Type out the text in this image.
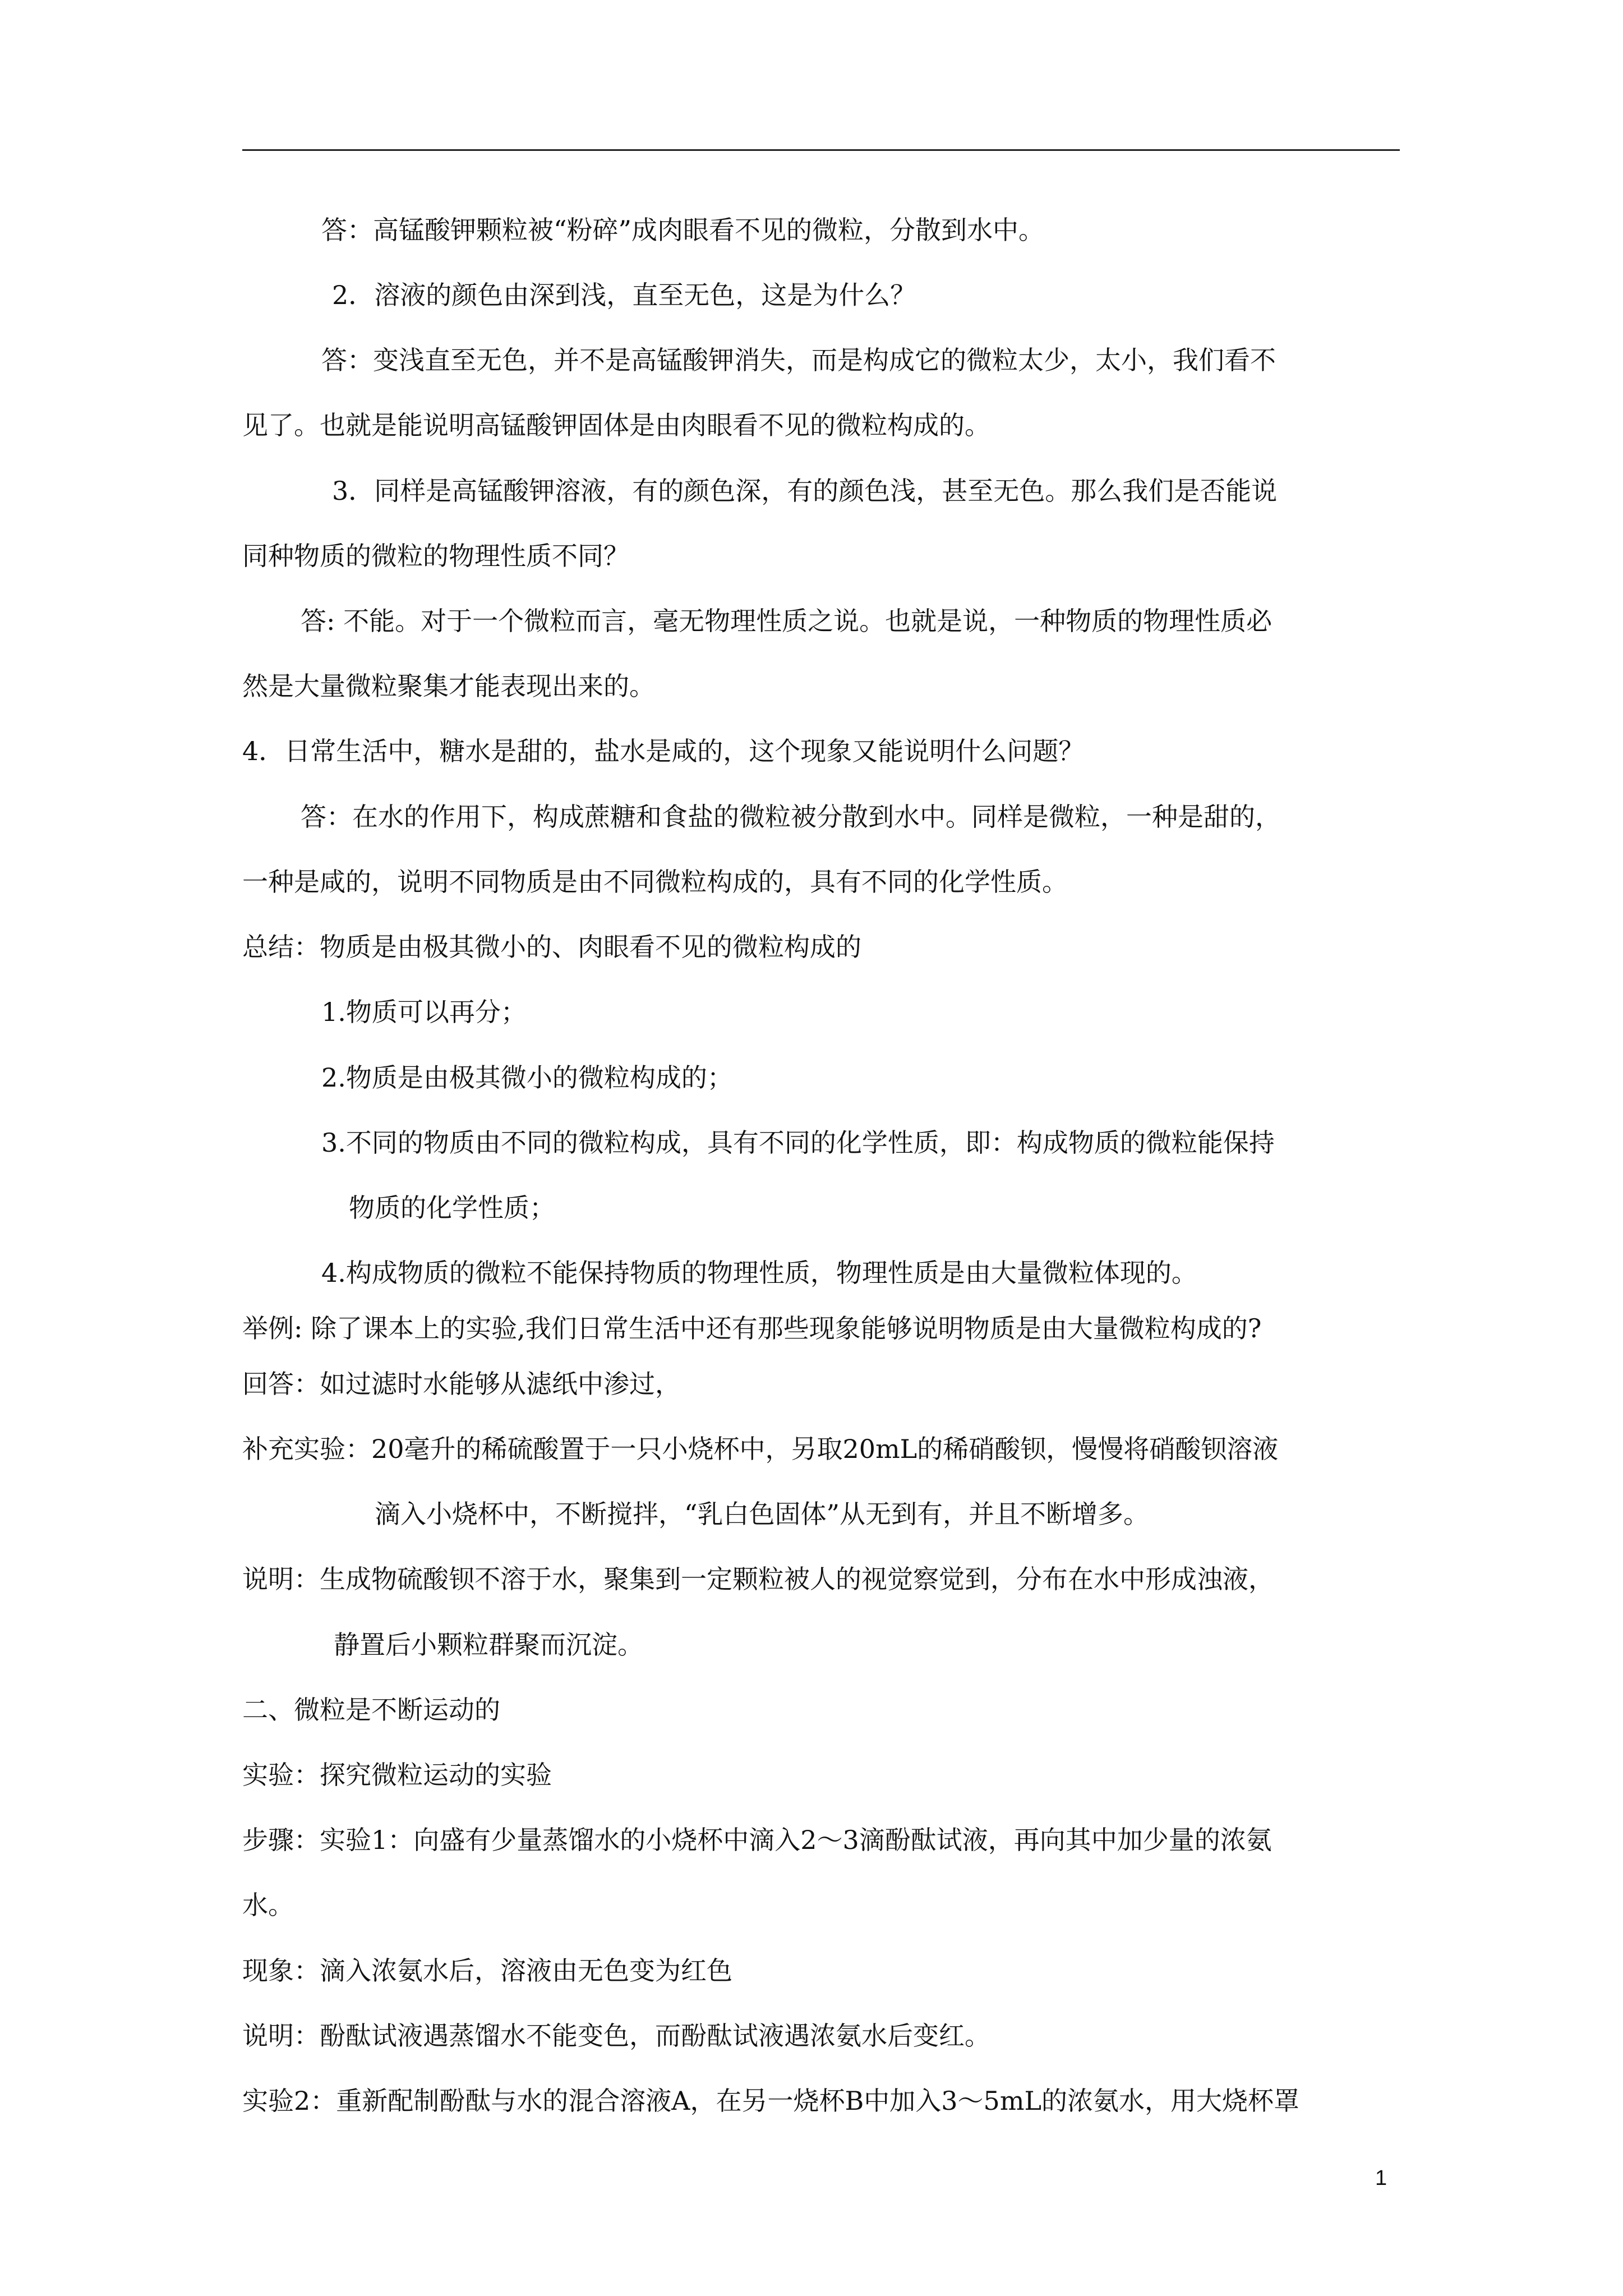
答：高锰酸钾颗粒被“粉碎”成肉眼看不见的微粒，分散到水中。
2．溶液的颜色由深到浅，直至无色，这是为什么？
答：变浅直至无色，并不是高锰酸钾消失，而是构成它的微粒太少，太小，我们看不
见了。也就是能说明高锰酸钾固体是由肉眼看不见的微粒构成的。
3．同样是高锰酸钾溶液，有的颜色深，有的颜色浅，甚至无色。那么我们是否能说
同种物质的微粒的物理性质不同？
答: 不能。对于一个微粒而言，毫无物理性质之说。也就是说，一种物质的物理性质必
然是大量微粒聚集才能表现出来的。
4．日常生活中，糖水是甜的，盐水是咸的，这个现象又能说明什么问题？
答：在水的作用下，构成蔗糖和食盐的微粒被分散到水中。同样是微粒，一种是甜的，
一种是咸的，说明不同物质是由不同微粒构成的，具有不同的化学性质。
总结：物质是由极其微小的、肉眼看不见的微粒构成的
1.物质可以再分；
2.物质是由极其微小的微粒构成的；
3.不同的物质由不同的微粒构成，具有不同的化学性质，即：构成物质的微粒能保持
物质的化学性质；
4.构成物质的微粒不能保持物质的物理性质，物理性质是由大量微粒体现的。
举例: 除了课本上的实验,我们日常生活中还有那些现象能够说明物质是由大量微粒构成的?
回答：如过滤时水能够从滤纸中渗过，
补充实验：20毫升的稀硫酸置于一只小烧杯中，另取20mL的稀硝酸钡，慢慢将硝酸钡溶液
滴入小烧杯中，不断搅拌，“乳白色固体”从无到有，并且不断增多。
说明：生成物硫酸钡不溶于水，聚集到一定颗粒被人的视觉察觉到，分布在水中形成浊液，
静置后小颗粒群聚而沉淀。
二、微粒是不断运动的
实验：探究微粒运动的实验
步骤：实验1：向盛有少量蒸馏水的小烧杯中滴入2～3滴酚酞试液，再向其中加少量的浓氨
水。
现象：滴入浓氨水后，溶液由无色变为红色
说明：酚酞试液遇蒸馏水不能变色，而酚酞试液遇浓氨水后变红。
实验2：重新配制酚酞与水的混合溶液A，在另一烧杯B中加入3～5mL的浓氨水，用大烧杯罩
1
